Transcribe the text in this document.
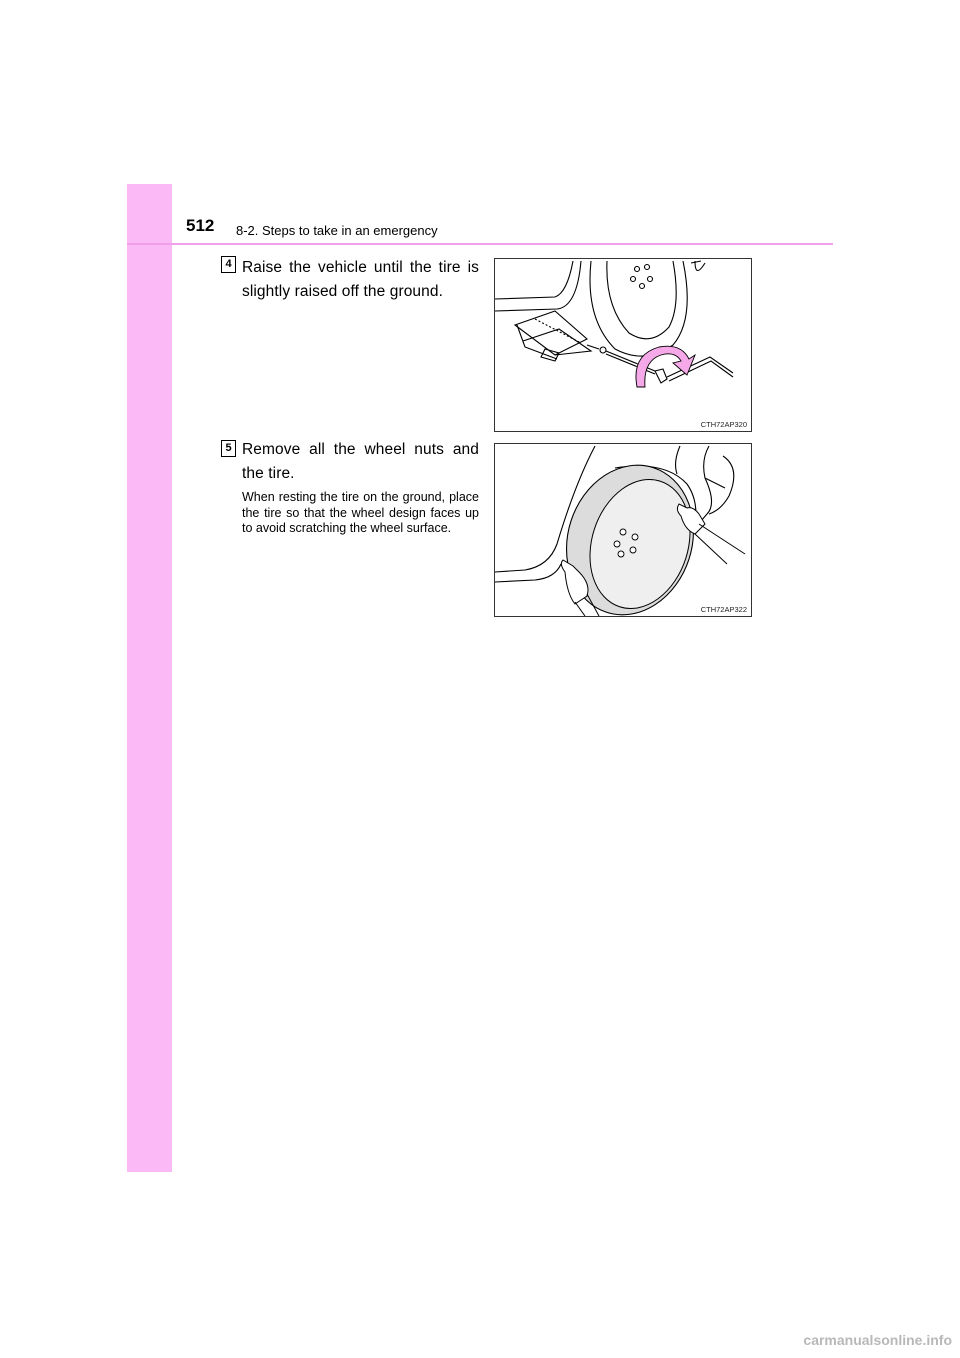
512 8-2. Steps to take in an emergency
4 Raise the vehicle until the tire is slightly raised off the ground.
CTH72AP320
5 Remove all the wheel nuts and the tire.
When resting the tire on the ground, place the tire so that the wheel design faces up to avoid scratching the wheel surface.
CTH72AP322
carmanualsonline.info
